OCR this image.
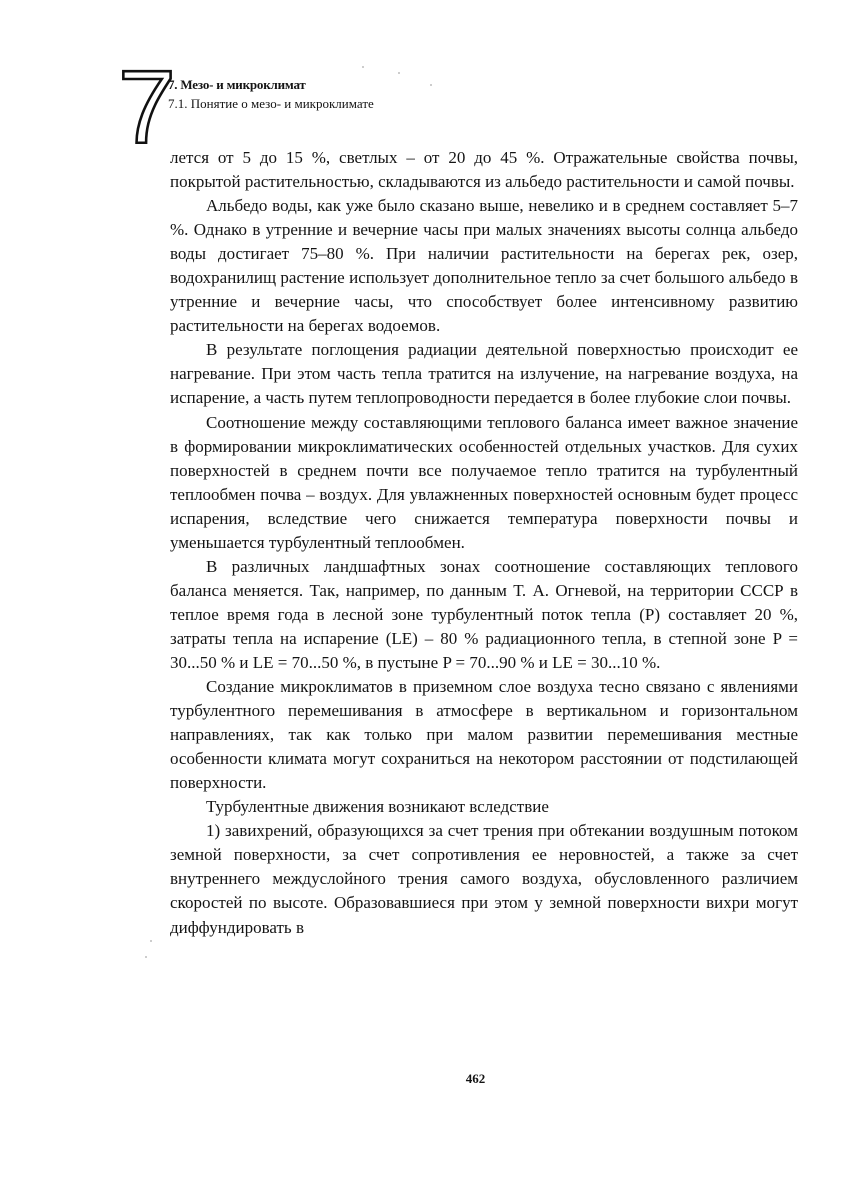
7
7. Мезо- и микроклимат
7.1. Понятие о мезо- и микроклимате

лется от 5 до 15 %, светлых – от 20 до 45 %. Отражательные свойства почвы, покрытой растительностью, складываются из альбедо растительности и самой почвы.

Альбедо воды, как уже было сказано выше, невелико и в среднем составляет 5–7 %. Однако в утренние и вечерние часы при малых значениях высоты солнца альбедо воды достигает 75–80 %. При наличии растительности на берегах рек, озер, водохранилищ растение использует дополнительное тепло за счет большого альбедо в утренние и вечерние часы, что способствует более интенсивному развитию растительности на берегах водоемов.

В результате поглощения радиации деятельной поверхностью происходит ее нагревание. При этом часть тепла тратится на излучение, на нагревание воздуха, на испарение, а часть путем теплопроводности передается в более глубокие слои почвы.

Соотношение между составляющими теплового баланса имеет важное значение в формировании микроклиматических особенностей отдельных участков. Для сухих поверхностей в среднем почти все получаемое тепло тратится на турбулентный теплообмен почва – воздух. Для увлажненных поверхностей основным будет процесс испарения, вследствие чего снижается температура поверхности почвы и уменьшается турбулентный теплообмен.

В различных ландшафтных зонах соотношение составляющих теплового баланса меняется. Так, например, по данным Т. А. Огневой, на территории СССР в теплое время года в лесной зоне турбулентный поток тепла (P) составляет 20 %, затраты тепла на испарение (LE) – 80 % радиационного тепла, в степной зоне P = 30...50 % и LE = 70...50 %, в пустыне P = 70...90 % и LE = 30...10 %.

Создание микроклиматов в приземном слое воздуха тесно связано с явлениями турбулентного перемешивания в атмосфере в вертикальном и горизонтальном направлениях, так как только при малом развитии перемешивания местные особенности климата могут сохраниться на некотором расстоянии от подстилающей поверхности.

Турбулентные движения возникают вследствие

1) завихрений, образующихся за счет трения при обтекании воздушным потоком земной поверхности, за счет сопротивления ее неровностей, а также за счет внутреннего междуслойного трения самого воздуха, обусловленного различием скоростей по высоте. Образовавшиеся при этом у земной поверхности вихри могут диффундировать в

462
